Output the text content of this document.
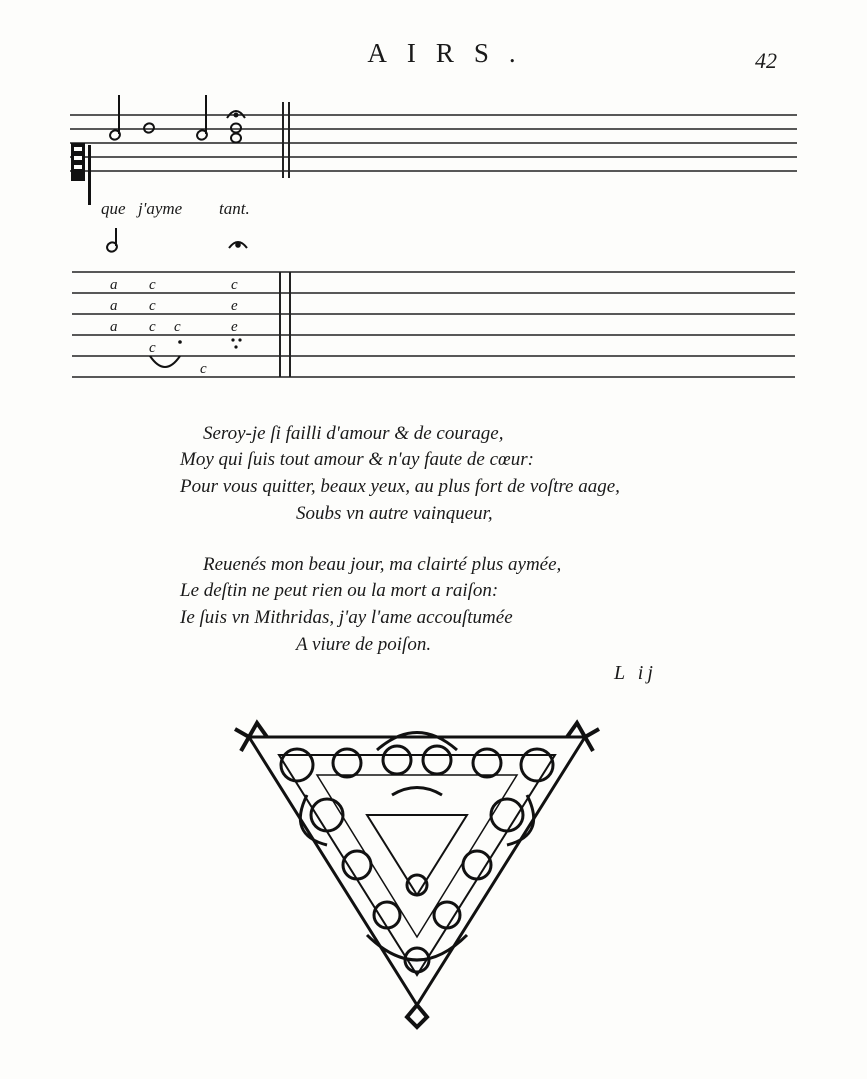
AIRS.	42
que j'ayme tant.
a
a
a
c
c
c
c
c
c
c
e
e
Seroy-je ſi failli d'amour & de courage,
Moy qui ſuis tout amour & n'ay faute de cœur:
Pour vous quitter, beaux yeux, au plus fort de voſtre aage,
Soubs vn autre vainqueur,
Reuenés mon beau jour, ma clairté plus aymée,
Le deſtin ne peut rien ou la mort a raiſon:
Ie ſuis vn Mithridas, j'ay l'ame accouſtumée
A viure de poiſon.
L ij
